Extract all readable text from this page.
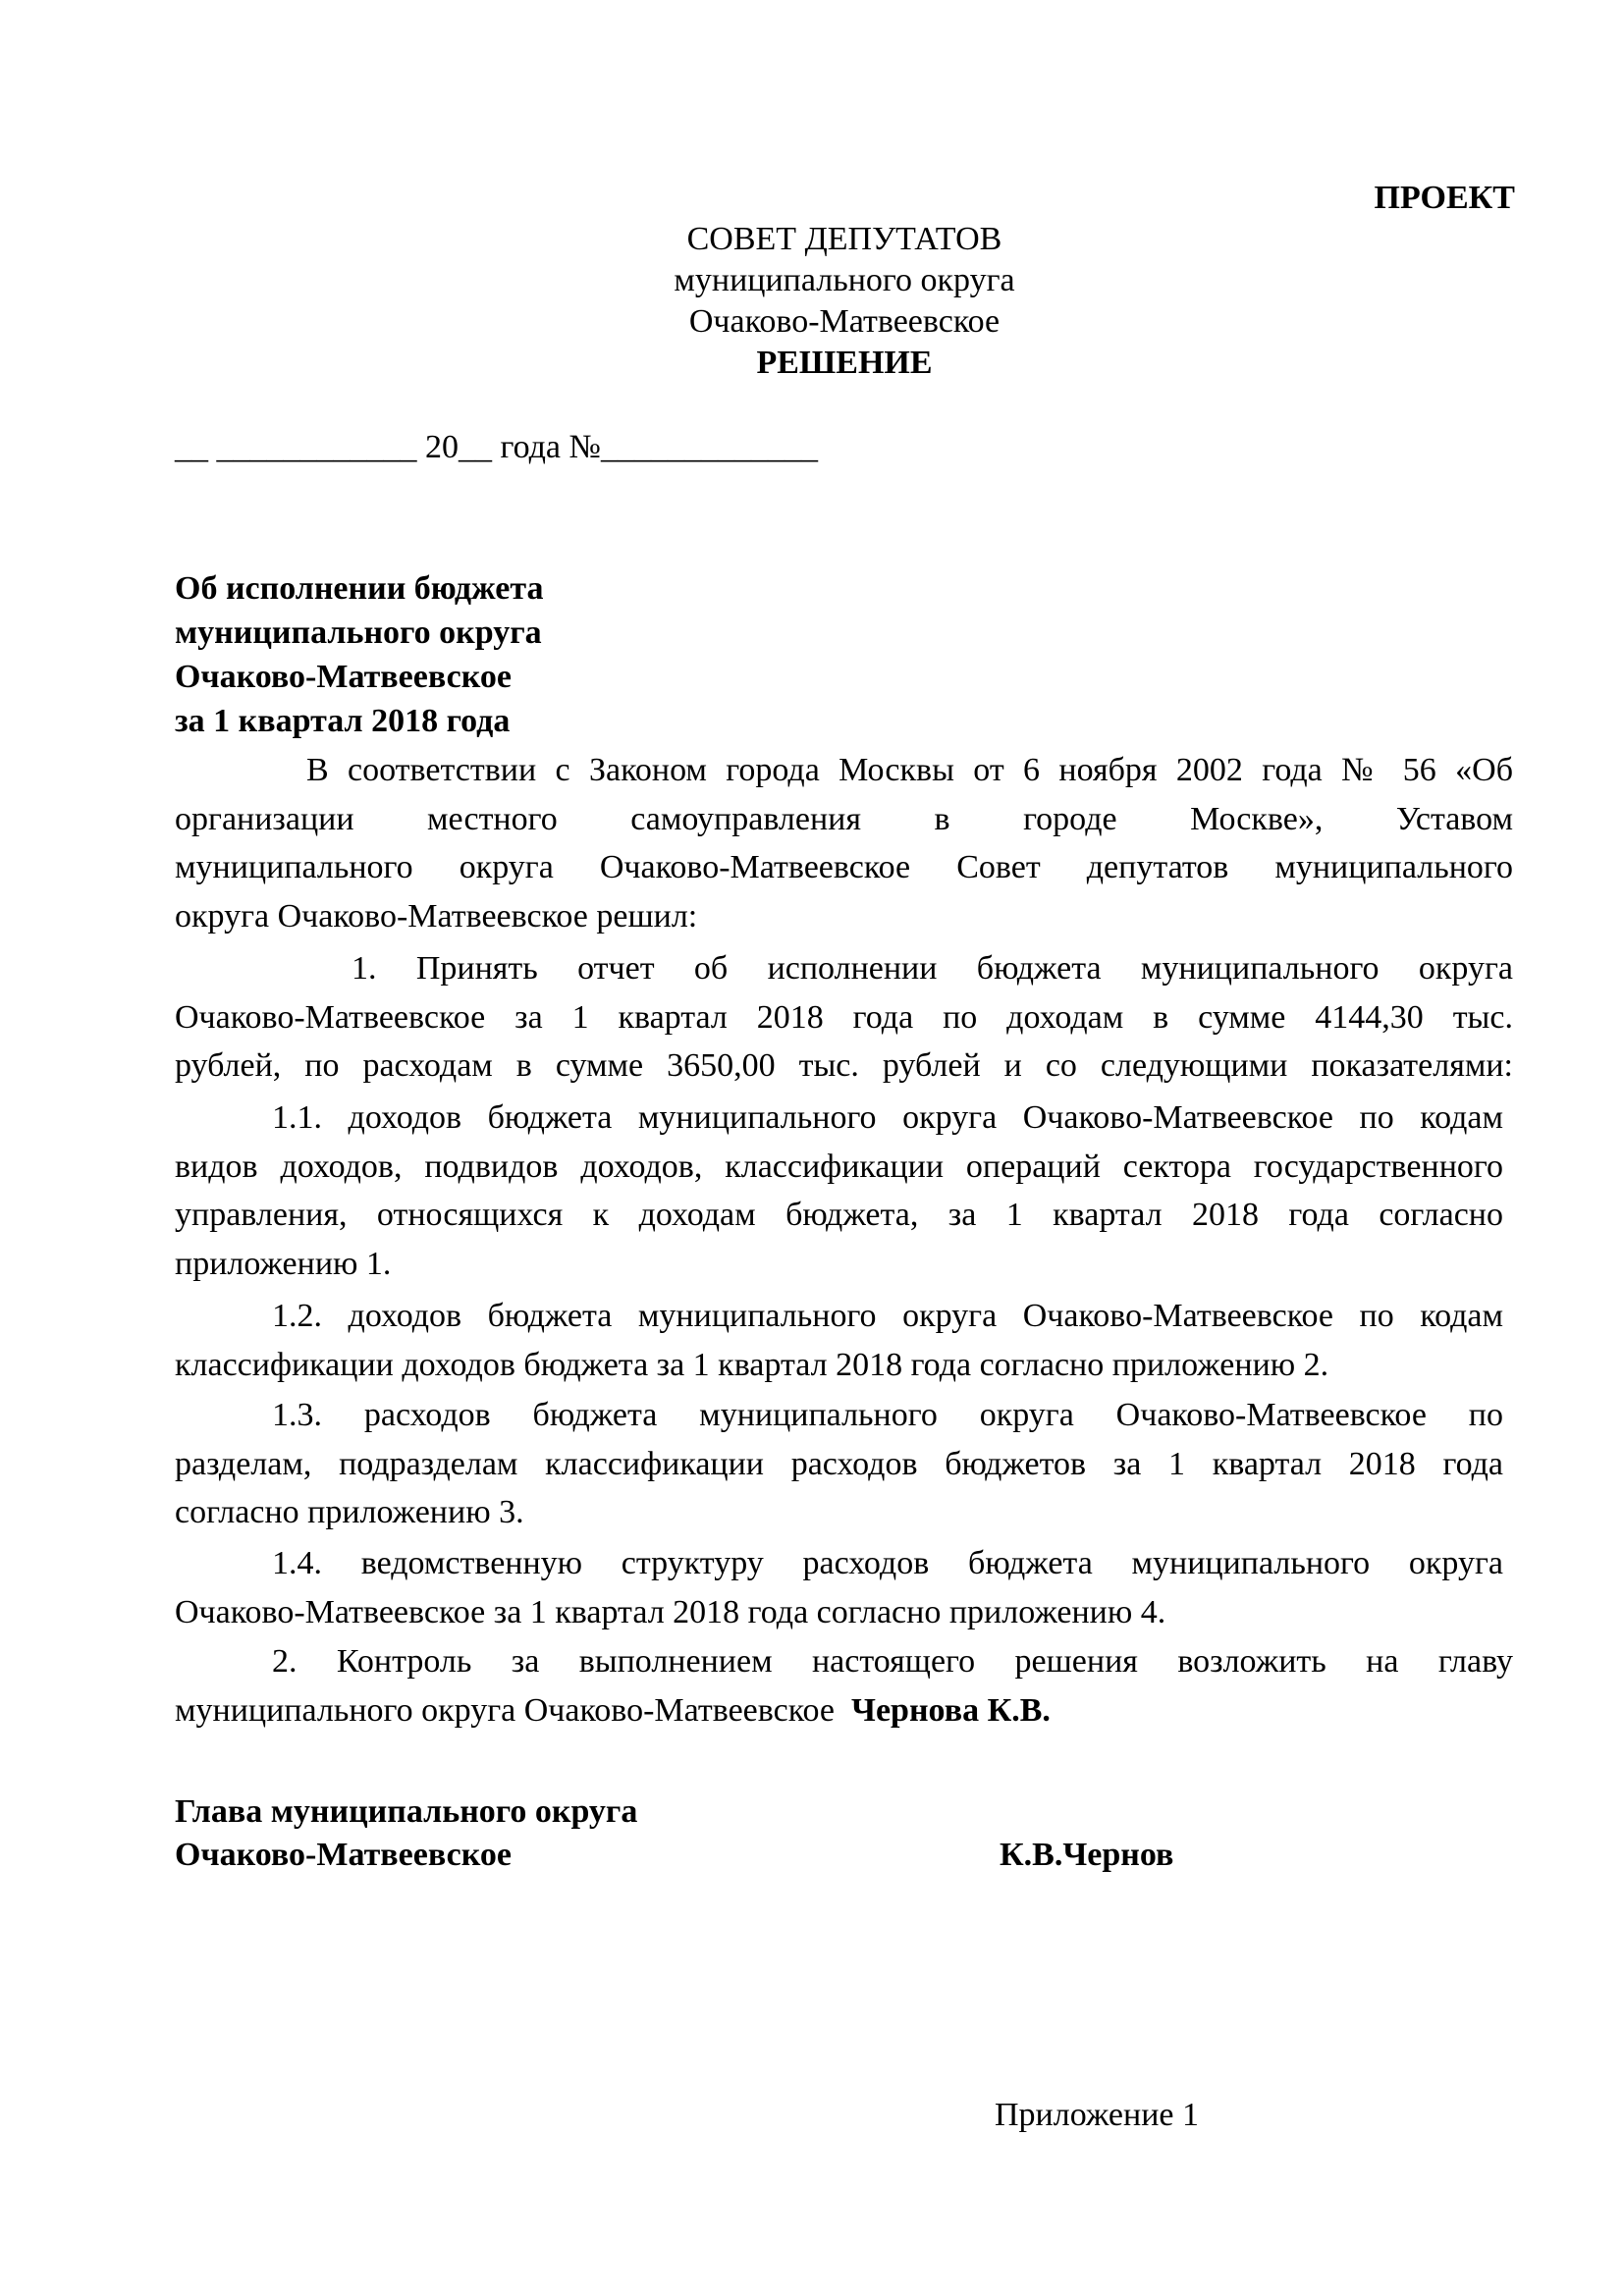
ПРОЕКТ
СОВЕТ ДЕПУТАТОВ
муниципального округа
Очаково-Матвеевское
РЕШЕНИЕ
__ ____________ 20__ года №_____________
Об исполнении бюджета
муниципального округа
Очаково-Матвеевское
за 1 квартал 2018 года
В соответствии с Законом города Москвы от 6 ноября 2002 года № 56 «Об
организации местного самоуправления в городе Москве», Уставом
муниципального округа Очаково-Матвеевское Совет депутатов муниципального
округа Очаково-Матвеевское решил:
1. Принять отчет об исполнении бюджета муниципального округа
Очаково-Матвеевское за 1 квартал 2018 года по доходам в сумме 4144,30 тыс.
рублей, по расходам в сумме 3650,00 тыс. рублей и со следующими показателями:
1.1. доходов бюджета муниципального округа Очаково-Матвеевское по кодам
видов доходов, подвидов доходов, классификации операций сектора государственного
управления, относящихся к доходам бюджета, за 1 квартал 2018 года согласно
приложению 1.
1.2. доходов бюджета муниципального округа Очаково-Матвеевское по кодам
классификации доходов бюджета за 1 квартал 2018 года согласно приложению 2.
1.3. расходов бюджета муниципального округа Очаково-Матвеевское по
разделам, подразделам классификации расходов бюджетов за 1 квартал 2018 года
согласно приложению 3.
1.4. ведомственную структуру расходов бюджета муниципального округа
Очаково-Матвеевское за 1 квартал 2018 года согласно приложению 4.
2. Контроль за выполнением настоящего решения возложить на главу
муниципального округа Очаково-Матвеевское Чернова К.В.
Глава муниципального округа
Очаково-Матвеевское	К.В.Чернов
Приложение 1
